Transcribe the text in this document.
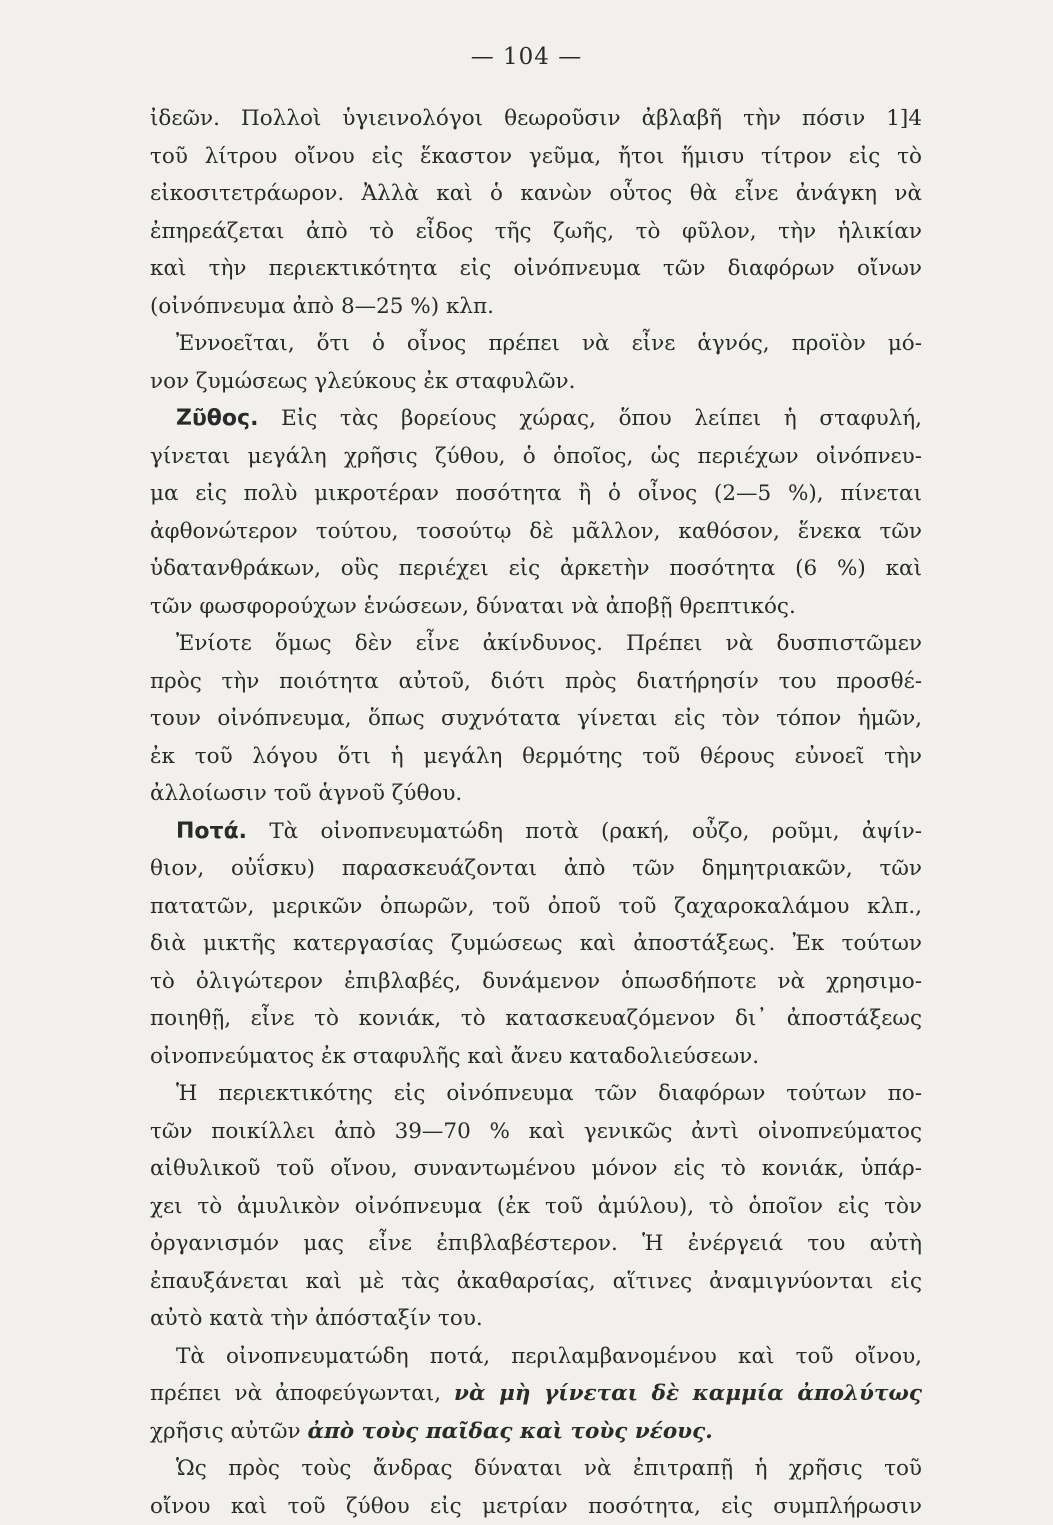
— 104 —
ἰδεῶν. Πολλοὶ ὑγιεινολόγοι θεωροῦσιν ἀβλαβῆ τὴν πόσιν 1]4
τοῦ λίτρου οἴνου εἰς ἕκαστον γεῦμα, ἤτοι ἥμισυ τίτρον εἰς τὸ
εἰκοσιτετράωρον. Ἀλλὰ καὶ ὁ κανὼν οὗτος θὰ εἶνε ἀνάγκη νὰ
ἐπηρεάζεται ἀπὸ τὸ εἶδος τῆς ζωῆς, τὸ φῦλον, τὴν ἡλικίαν
καὶ τὴν περιεκτικότητα εἰς οἰνόπνευμα τῶν διαφόρων οἴνων
(οἰνόπνευμα ἀπὸ 8—25 %) κλπ.
Ἐννοεῖται, ὅτι ὁ οἶνος πρέπει νὰ εἶνε ἁγνός, προϊὸν μό-
νον ζυμώσεως γλεύκους ἐκ σταφυλῶν.
Ζῦθος. Εἰς τὰς βορείους χώρας, ὅπου λείπει ἡ σταφυλή,
γίνεται μεγάλη χρῆσις ζύθου, ὁ ὁποῖος, ὡς περιέχων οἰνόπνευ-
μα εἰς πολὺ μικροτέραν ποσότητα ἢ ὁ οἶνος (2—5 %), πίνεται
ἀφθονώτερον τούτου, τοσούτῳ δὲ μᾶλλον, καθόσον, ἕνεκα τῶν
ὑδατανθράκων, οὓς περιέχει εἰς ἀρκετὴν ποσότητα (6 %) καὶ
τῶν φωσφορούχων ἑνώσεων, δύναται νὰ ἀποβῇ θρεπτικός.
Ἐνίοτε ὅμως δὲν εἶνε ἀκίνδυνος. Πρέπει νὰ δυσπιστῶμεν
πρὸς τὴν ποιότητα αὐτοῦ, διότι πρὸς διατήρησίν του προσθέ-
τουν οἰνόπνευμα, ὅπως συχνότατα γίνεται εἰς τὸν τόπον ἡμῶν,
ἐκ τοῦ λόγου ὅτι ἡ μεγάλη θερμότης τοῦ θέρους εὐνοεῖ τὴν
ἀλλοίωσιν τοῦ ἁγνοῦ ζύθου.
Ποτά. Τὰ οἰνοπνευματώδη ποτὰ (ρακή, οὖζο, ροῦμι, ἀψίν-
θιον, οὐΐσκυ) παρασκευάζονται ἀπὸ τῶν δημητριακῶν, τῶν
πατατῶν, μερικῶν ὀπωρῶν, τοῦ ὀποῦ τοῦ ζαχαροκαλάμου κλπ.,
διὰ μικτῆς κατεργασίας ζυμώσεως καὶ ἀποστάξεως. Ἐκ τούτων
τὸ ὀλιγώτερον ἐπιβλαβές, δυνάμενον ὁπωσδήποτε νὰ χρησιμο-
ποιηθῇ, εἶνε τὸ κονιάκ, τὸ κατασκευαζόμενον δι᾽ ἀποστάξεως
οἰνοπνεύματος ἐκ σταφυλῆς καὶ ἄνευ καταδολιεύσεων.
Ἡ περιεκτικότης εἰς οἰνόπνευμα τῶν διαφόρων τούτων πο-
τῶν ποικίλλει ἀπὸ 39—70 % καὶ γενικῶς ἀντὶ οἰνοπνεύματος
αἰθυλικοῦ τοῦ οἴνου, συναντωμένου μόνον εἰς τὸ κονιάκ, ὑπάρ-
χει τὸ ἀμυλικὸν οἰνόπνευμα (ἐκ τοῦ ἀμύλου), τὸ ὁποῖον εἰς τὸν
ὀργανισμόν μας εἶνε ἐπιβλαβέστερον. Ἡ ἐνέργειά του αὐτὴ
ἐπαυξάνεται καὶ μὲ τὰς ἀκαθαρσίας, αἵτινες ἀναμιγνύονται εἰς
αὐτὸ κατὰ τὴν ἀπόσταξίν του.
Τὰ οἰνοπνευματώδη ποτά, περιλαμβανομένου καὶ τοῦ οἴνου,
πρέπει νὰ ἀποφεύγωνται, νὰ μὴ γίνεται δὲ καμμία ἀπολύτως
χρῆσις αὐτῶν ἀπὸ τοὺς παῖδας καὶ τοὺς νέους.
Ὡς πρὸς τοὺς ἄνδρας δύναται νὰ ἐπιτραπῇ ἡ χρῆσις τοῦ
οἴνου καὶ τοῦ ζύθου εἰς μετρίαν ποσότητα, εἰς συμπλήρωσιν
